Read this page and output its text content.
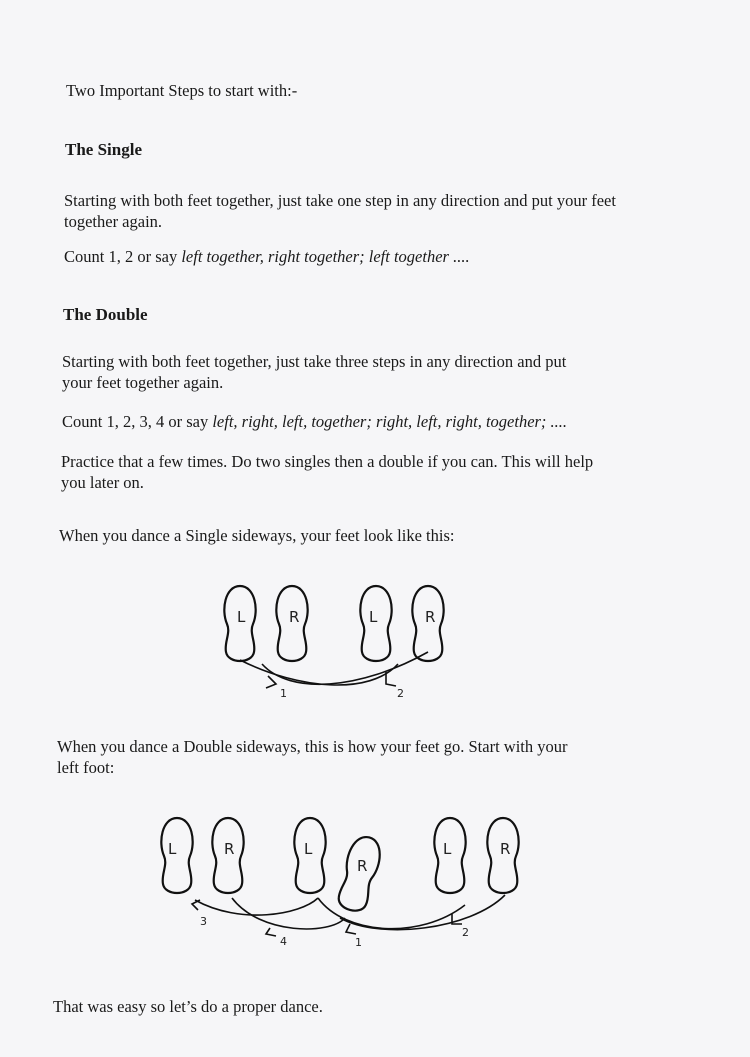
Two Important Steps to start with:-

The Single

Starting with both feet together, just take one step in any direction and put your feet together again.

Count 1, 2 or say left together, right together; left together ....

The Double

Starting with both feet together, just take three steps in any direction and put

your feet together again.

Count 1, 2, 3, 4 or say left, right, left, together; right, left, right, together; ....

Practice that a few times. Do two singles then a double if you can. This will help

you later on.

When you dance a Single sideways, your feet look like this:

L	R	L	R
1	2
L	R	L
R
L	R
3
4	1
2

When you dance a Double sideways, this is how your feet go. Start with your

left foot:

That was easy so let’s do a proper dance.
